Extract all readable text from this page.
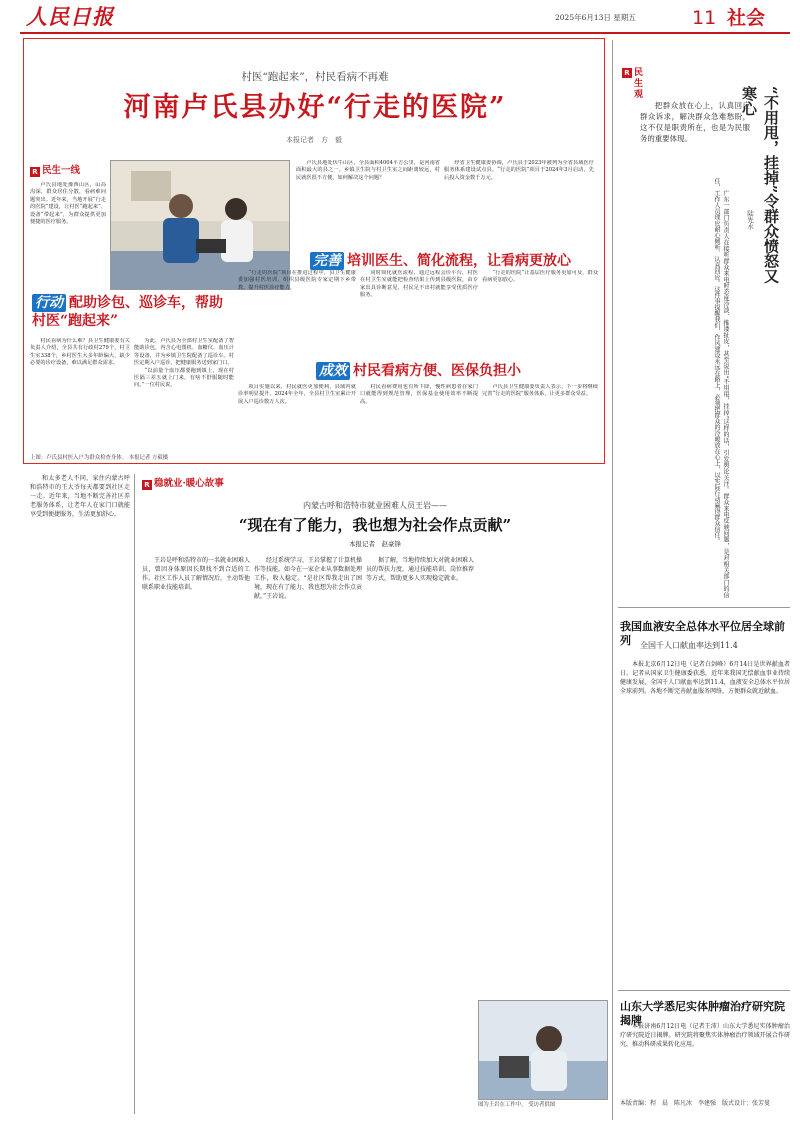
人民日报	2025年6月13日 星期五	11 社会
村医“跑起来”，村民看病不再难
河南卢氏县办好“行走的医院”
本报记者　方　毅
R 民生一线

卢氏县地处豫西山区，山高沟深，群众居住分散，看病难问题突出。近年来，当地开展“行走的医院”建设，让村医“跑起来”、设备“带起来”，为群众提供更加便捷的医疗服务。

卢氏县地处伏牛山区，全县面积4004平方公里，是河南省面积最大的县之一。乡镇卫生院与村卫生室之间距离较远，村民就医很不方便。如何解决这个问题？

经省卫生健康委协调，卢氏县于2023年被列为全省县域医疗服务体系建设试点县。“行走的医院”项目于2024年3月启动，先后投入资金数千万元。

完善 培训医生、简化流程，让看病更放心
行动 配助诊包、巡诊车，帮助村医“跑起来”

村民看病为什么难？县卫生健康委有关负责人介绍，全县共有行政村279个，村卫生室338个，乡村医生大多年龄偏大，缺少必要的诊疗设备，难以满足群众需求。

为此，卢氏县为全部村卫生室配备了智能助诊包，内含心电图机、血糖仪、血压计等设备，并为乡镇卫生院配备了巡诊车。村医定期入户巡诊，把健康服务送到家门口。

“以前量个血压都要跑到镇上，现在村医隔三差五就上门来，有啥不舒服随时能问。”一位村民说。

“行走的医院”项目在推进过程中，县卫生健康委加强村医培训，组织县级医院专家定期下乡带教，提升村医诊疗能力。

同时简化就医流程，通过远程会诊平台，村医在村卫生室就能把检查结果上传到县级医院，由专家出具诊断意见，村民足不出村就能享受优质医疗服务。

“行走的医院”让基层医疗服务更加可及，群众看病更加放心。

成效 村民看病方便、医保负担小

项目实施以来，村民就医更加便利，县域内就诊率明显提升。2024年全年，全县村卫生室累计开展入户巡诊数万人次。

村民看病费用也有所下降，慢性病患者在家门口就能得到规范管理，医保基金使用效率不断提高。

卢氏县卫生健康委负责人表示，下一步将继续完善“行走的医院”服务体系，让更多群众受益。

上图：卢氏县村医入户为群众检查身体。 本报记者 方毅摄
R 民生观

把群众放在心上，认真回应群众诉求，解决群众急难愁盼，这不仅是职责所在，也是为民服务的重要体现。	“不用甩，挂掉”令群众愤怒又寒心
陆先水

广东一部门负责人在接听群众来电时态度冷淡、推诿扯皮，甚至说出“不用甩，挂掉”这样的话，引发舆论关注。群众来电反映问题，是对相关部门的信任，工作人员理应耐心倾听、认真回应。这件事提醒我们，作风建设永远在路上，必须把群众的冷暖放在心上，以实际行动赢得群众信任。

我国血液安全总体水平位居全球前列	全国千人口献血率达到11.4

本报北京6月12日电（记者白剑峰）6月14日是世界献血者日。记者从国家卫生健康委获悉，近年来我国无偿献血事业持续健康发展，全国千人口献血率达到11.4，血液安全总体水平位居全球前列。各地不断完善献血服务网络，方便群众就近献血。

山东大学悉尼实体肿瘤治疗研究院揭牌

本报济南6月12日电（记者王沛）山东大学悉尼实体肿瘤治疗研究院近日揭牌。研究院将聚焦实体肿瘤治疗领域开展合作研究，推动科研成果转化应用。

和太多老人不同，家住内蒙古呼和浩特市的王大爷每天都要到社区走一走。近年来，当地不断完善社区养老服务体系，让老年人在家门口就能享受到便捷服务，生活更加舒心。

R 稳就业·暖心故事
内蒙古呼和浩特市就业困难人员王岩——
“现在有了能力，我也想为社会作点贡献”
本报记者　赵豪锋

王岩是呼和浩特市的一名就业困难人员，曾因身体原因长期找不到合适的工作。社区工作人员了解情况后，主动帮他联系职业技能培训。

经过系统学习，王岩掌握了计算机操作等技能，如今在一家企业从事数据处理工作，收入稳定。“是社区帮我走出了困境，现在有了能力，我也想为社会作点贡献。”王岩说。

据了解，当地持续加大对就业困难人员的帮扶力度，通过技能培训、岗位推荐等方式，帮助更多人实现稳定就业。

图为王岩在工作中。 受访者供图	本版责编：程　晨　陈凡冰　李建强　版式设计：张芳曼
